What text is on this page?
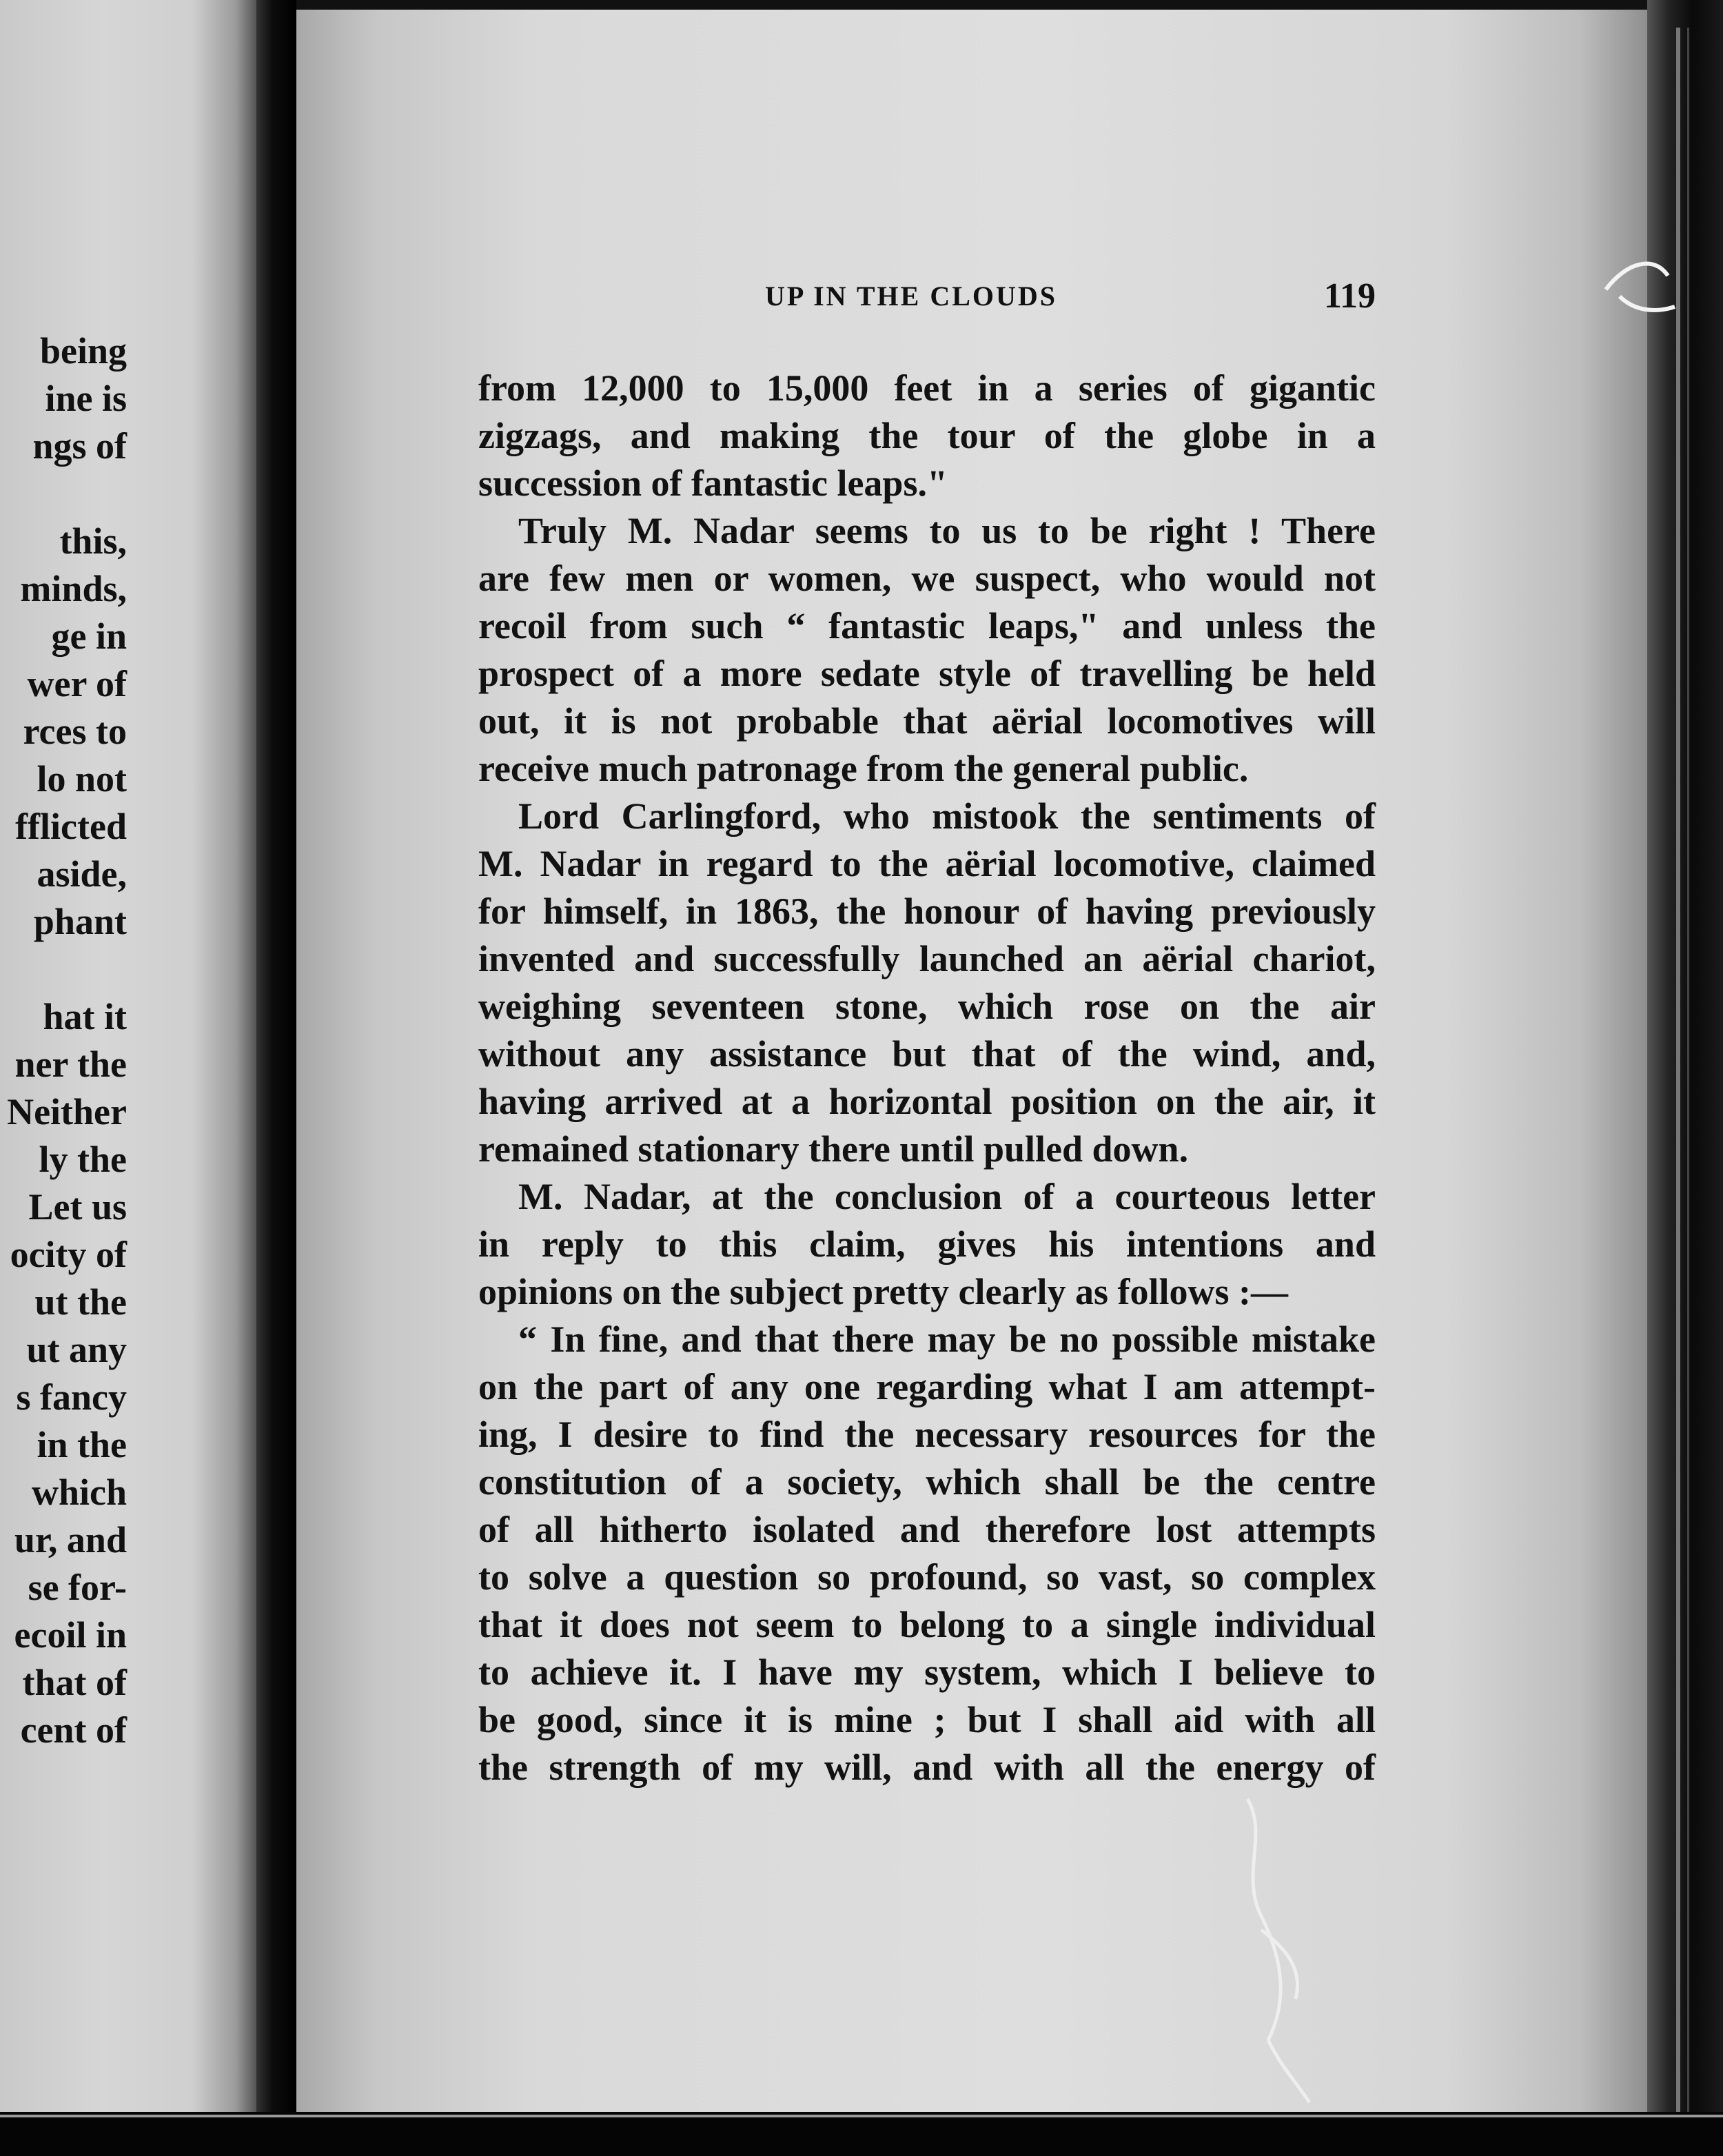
being
ine is
ngs of
this,
minds,
ge in
wer of
rces to
lo not
fflicted
aside,
phant
hat it
ner the
Neither
ly the
Let us
ocity of
ut the
ut any
s fancy
in the
which
ur, and
se for-
ecoil in
that of
cent of
UP IN THE CLOUDS	119
from 12,000 to 15,000 feet in a series of gigantic
zigzags, and making the tour of the globe in a
succession of fantastic leaps."
Truly M. Nadar seems to us to be right ! There
are few men or women, we suspect, who would not
recoil from such “ fantastic leaps," and unless the
prospect of a more sedate style of travelling be held
out, it is not probable that aërial locomotives will
receive much patronage from the general public.
Lord Carlingford, who mistook the sentiments of
M. Nadar in regard to the aërial locomotive, claimed
for himself, in 1863, the honour of having previously
invented and successfully launched an aërial chariot,
weighing seventeen stone, which rose on the air
without any assistance but that of the wind, and,
having arrived at a horizontal position on the air, it
remained stationary there until pulled down.
M. Nadar, at the conclusion of a courteous letter
in reply to this claim, gives his intentions and
opinions on the subject pretty clearly as follows :—
“ In fine, and that there may be no possible mistake
on the part of any one regarding what I am attempt-
ing, I desire to find the necessary resources for the
constitution of a society, which shall be the centre
of all hitherto isolated and therefore lost attempts
to solve a question so profound, so vast, so complex
that it does not seem to belong to a single individual
to achieve it. I have my system, which I believe to
be good, since it is mine ; but I shall aid with all
the strength of my will, and with all the energy of
